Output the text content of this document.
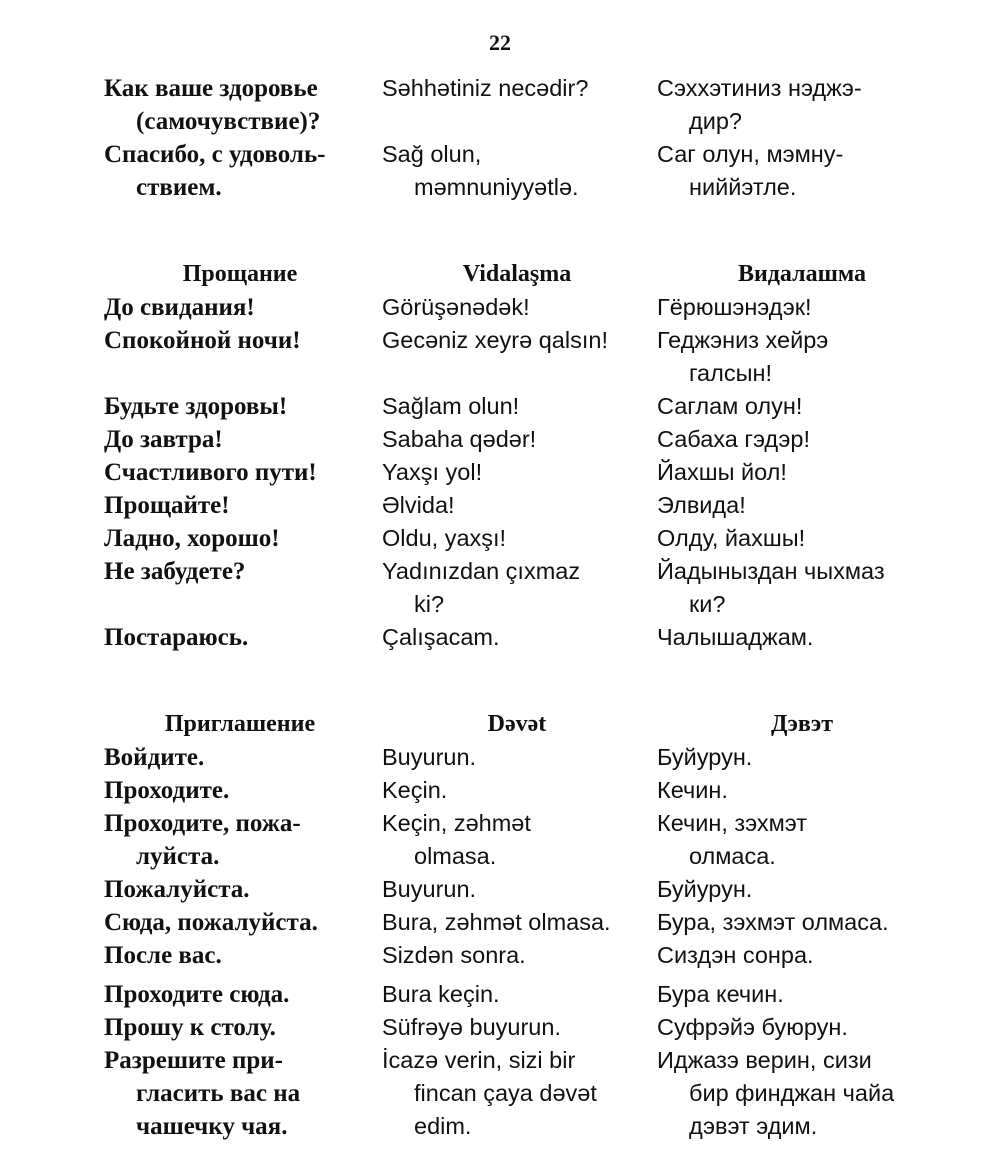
22
Как ваше здоровье
(самочувствие)?
Спасибо, с удоволь-
ствием.
Прощание
До свидания!
Спокойной ночи!
Будьте здоровы!
До завтра!
Счастливого пути!
Прощайте!
Ладно, хорошо!
Не забудете?
Постараюсь.
Приглашение
Войдите.
Проходите.
Проходите, пожа-
луйста.
Пожалуйста.
Сюда, пожалуйста.
После вас.
Проходите сюда.
Прошу к столу.
Разрешите при-
гласить вас на
чашечку чая.
Səhhətiniz necədir?

Sağ olun,
məmnuniyyətlə.
Vidalaşma
Görüşənədək!
Gecəniz xeyrə qalsın!
Sağlam olun!
Sabaha qədər!
Yaxşı yol!
Əlvida!
Oldu, yaxşı!
Yadınızdan çıxmaz
ki?
Çalışacam.
Dəvət
Buyurun.
Keçin.
Keçin, zəhmət
olmasa.
Buyurun.
Bura, zəhmət olmasa.
Sizdən sonra.
Bura keçin.
Süfrəyə buyurun.
İcazə verin, sizi bir
fincan çaya dəvət
edim.
Сэххэтиниз нэджэ-
дир?
Саг олун, мэмну-
ниййэтле.
Видалашма
Гёрюшэнэдэк!
Геджэниз хейрэ
галсын!
Саглам олун!
Сабаха гэдэр!
Йахшы йол!
Элвида!
Олду, йахшы!
Йадыныздан чыхмаз
ки?
Чалышаджам.
Дэвэт
Буйурун.
Кечин.
Кечин, зэхмэт
олмаса.
Буйурун.
Бура, зэхмэт олмаса.
Сиздэн сонра.
Бура кечин.
Суфрэйэ буюрун.
Иджазэ верин, сизи
бир финджан чайа
дэвэт эдим.
